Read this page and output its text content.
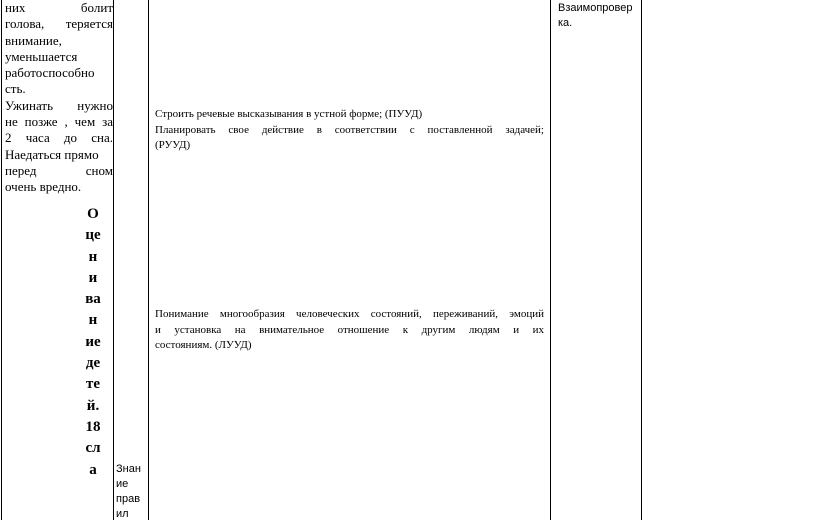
них болит
голова, теряется
внимание,
уменьшается
работоспособно
сть.
Ужинать нужно
не позже , чем за
2 часа до сна.
Наедаться прямо
перед сном
очень вредно.
О
це
н
и
ва
н
ие
де
те
й.
18
сл
а	Знан
ие
прав
ил
Строить речевые высказывания в устной форме; (ПУУД)
Планировать свое действие в соответствии с поставленной задачей;
(РУУД)
Понимание многообразия человеческих состояний, переживаний, эмоций
и установка на внимательное отношение к другим людям и их
состояниям. (ЛУУД)
Взаимопровер
ка.
